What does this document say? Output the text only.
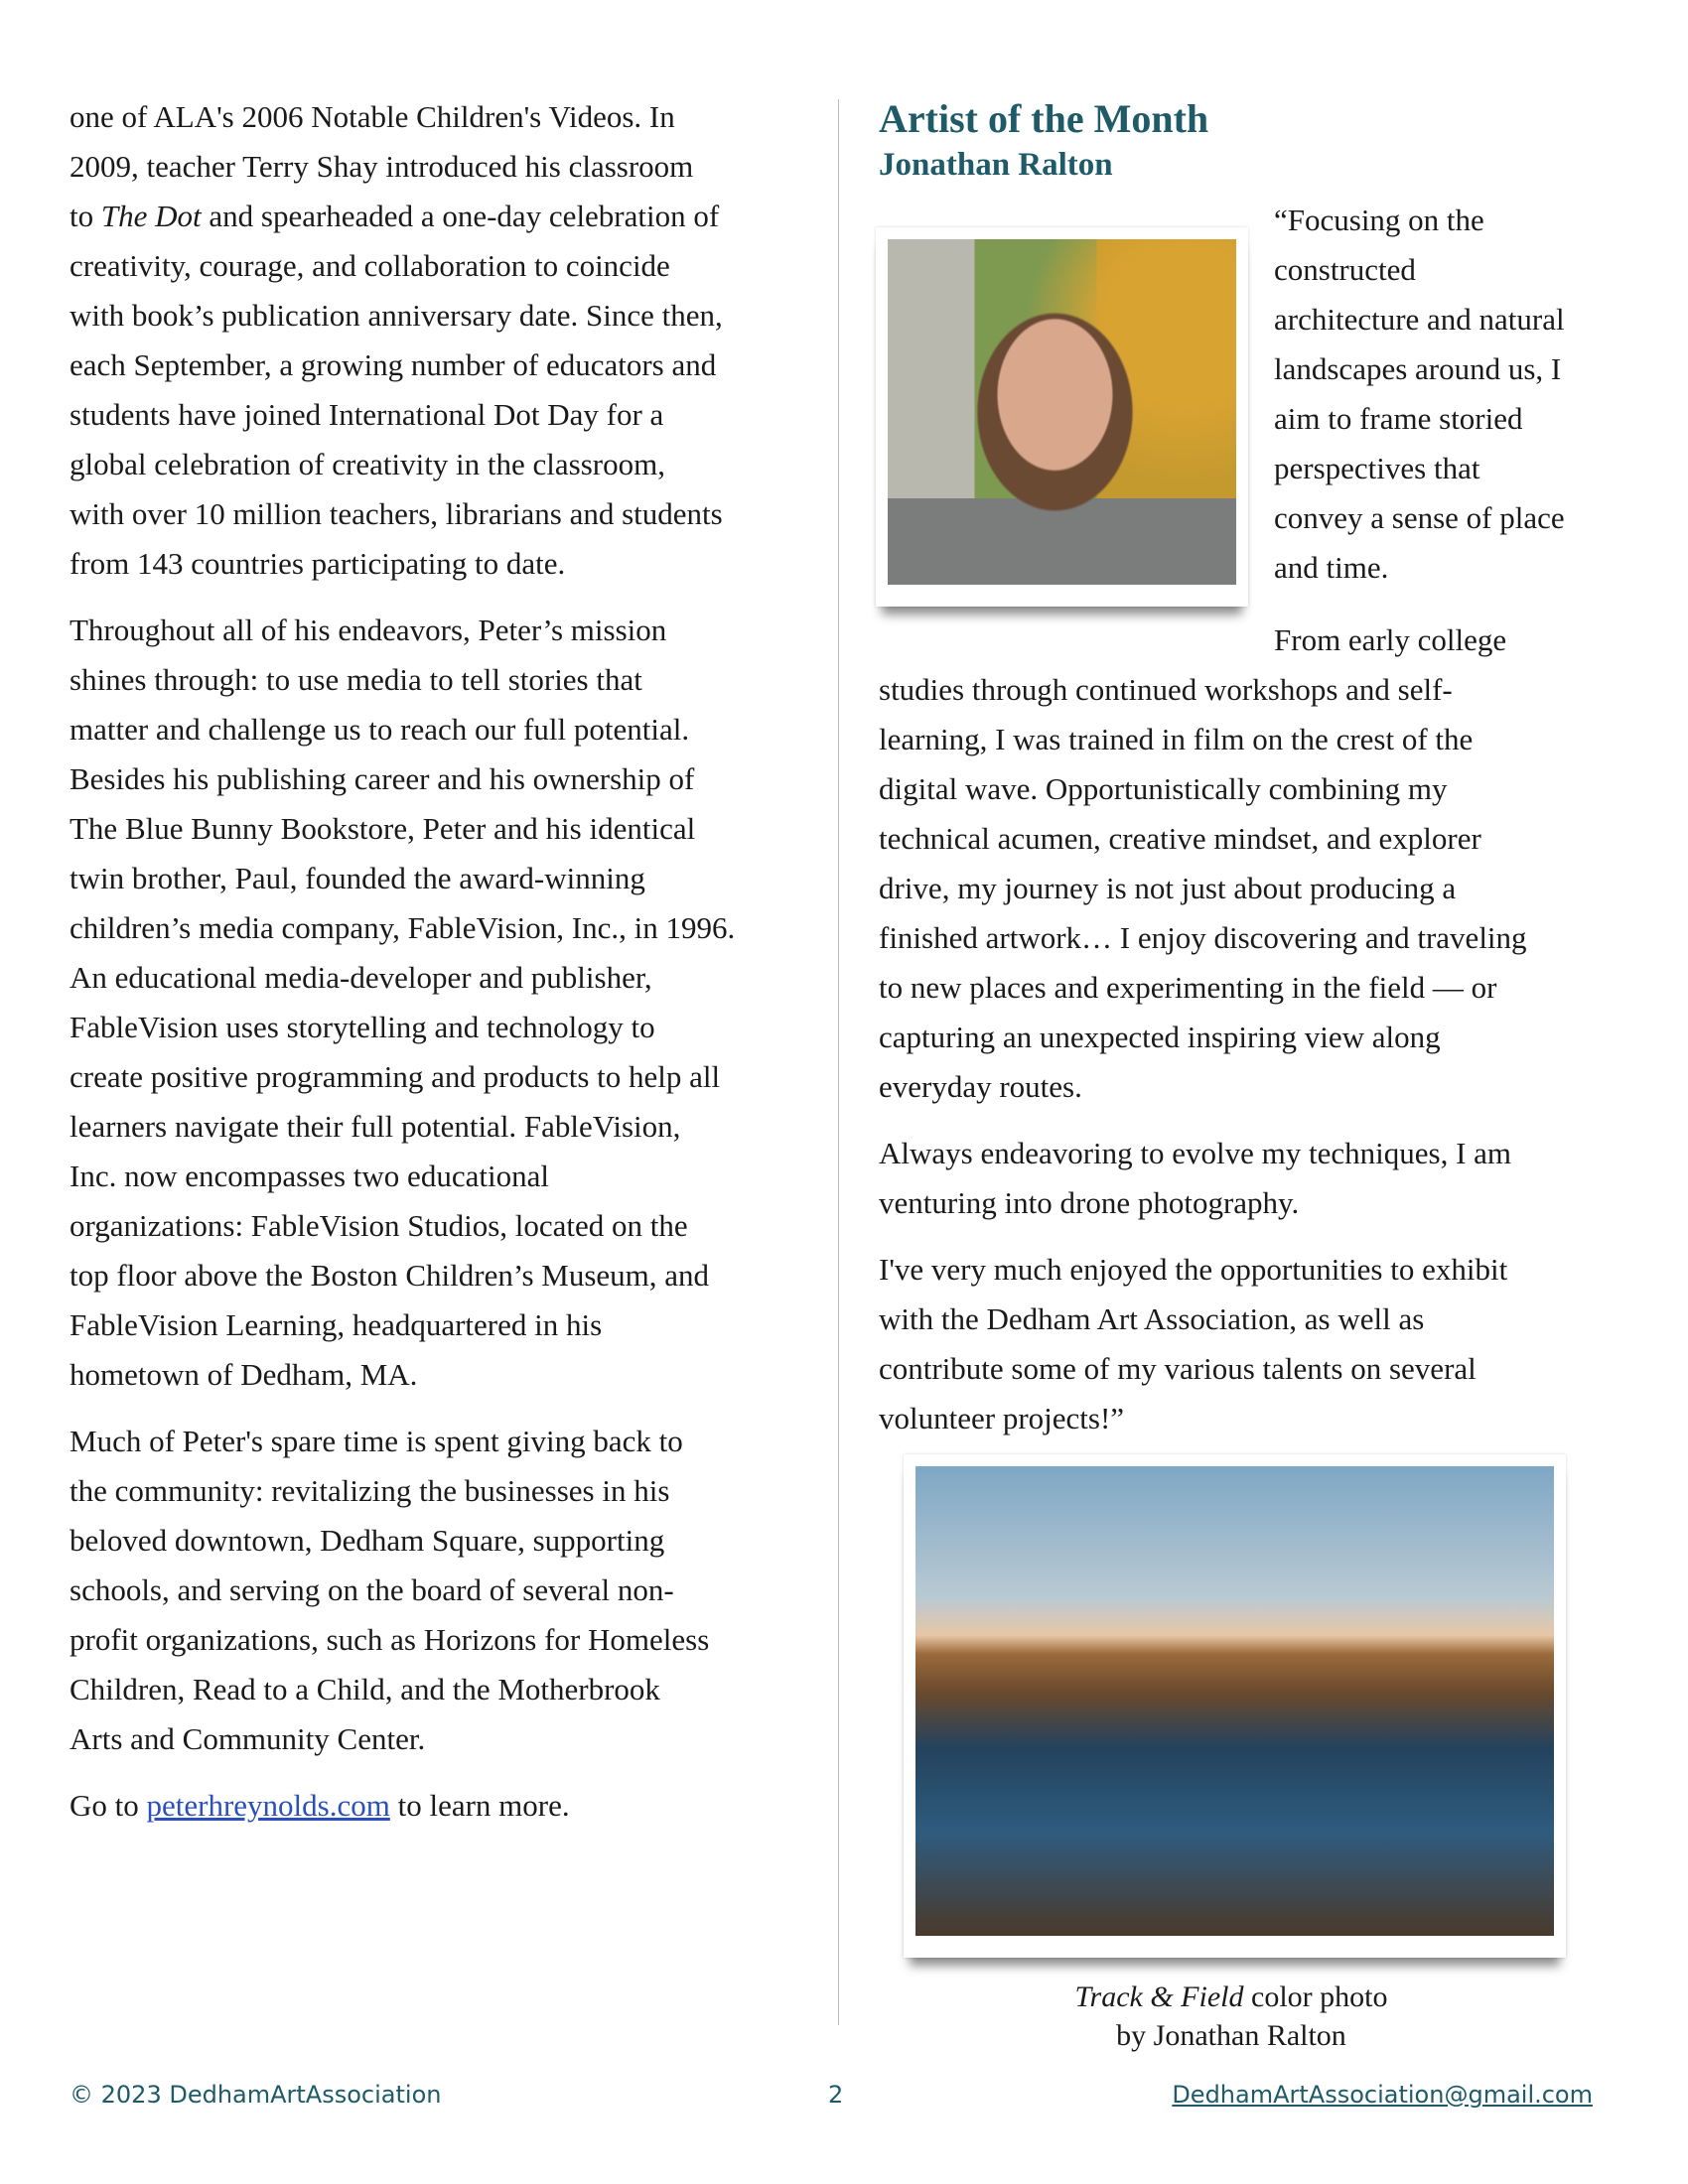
one of ALA's 2006 Notable Children's Videos. In
2009, teacher Terry Shay introduced his classroom
to The Dot and spearheaded a one-day celebration of
creativity, courage, and collaboration to coincide
with book’s publication anniversary date. Since then,
each September, a growing number of educators and
students have joined International Dot Day for a
global celebration of creativity in the classroom,
with over 10 million teachers, librarians and students
from 143 countries participating to date.
Throughout all of his endeavors, Peter’s mission
shines through: to use media to tell stories that
matter and challenge us to reach our full potential.
Besides his publishing career and his ownership of
The Blue Bunny Bookstore, Peter and his identical
twin brother, Paul, founded the award-winning
children’s media company, FableVision, Inc., in 1996.
An educational media-developer and publisher,
FableVision uses storytelling and technology to
create positive programming and products to help all
learners navigate their full potential. FableVision,
Inc. now encompasses two educational
organizations: FableVision Studios, located on the
top floor above the Boston Children’s Museum, and
FableVision Learning, headquartered in his
hometown of Dedham, MA.
Much of Peter's spare time is spent giving back to
the community: revitalizing the businesses in his
beloved downtown, Dedham Square, supporting
schools, and serving on the board of several non-
profit organizations, such as Horizons for Homeless
Children, Read to a Child, and the Motherbrook
Arts and Community Center.
Go to peterhreynolds.com to learn more.
Artist of the Month
Jonathan Ralton
“Focusing on the
constructed
architecture and natural
landscapes around us, I
aim to frame storied
perspectives that
convey a sense of place
and time.
From early college
studies through continued workshops and self-
learning, I was trained in film on the crest of the
digital wave. Opportunistically combining my
technical acumen, creative mindset, and explorer
drive, my journey is not just about producing a
finished artwork… I enjoy discovering and traveling
to new places and experimenting in the field — or
capturing an unexpected inspiring view along
everyday routes.
Always endeavoring to evolve my techniques, I am
venturing into drone photography.
I've very much enjoyed the opportunities to exhibit
with the Dedham Art Association, as well as
contribute some of my various talents on several
volunteer projects!”
Track & Field color photo
by Jonathan Ralton
© 2023 DedhamArtAssociation	2	DedhamArtAssociation@gmail.com
